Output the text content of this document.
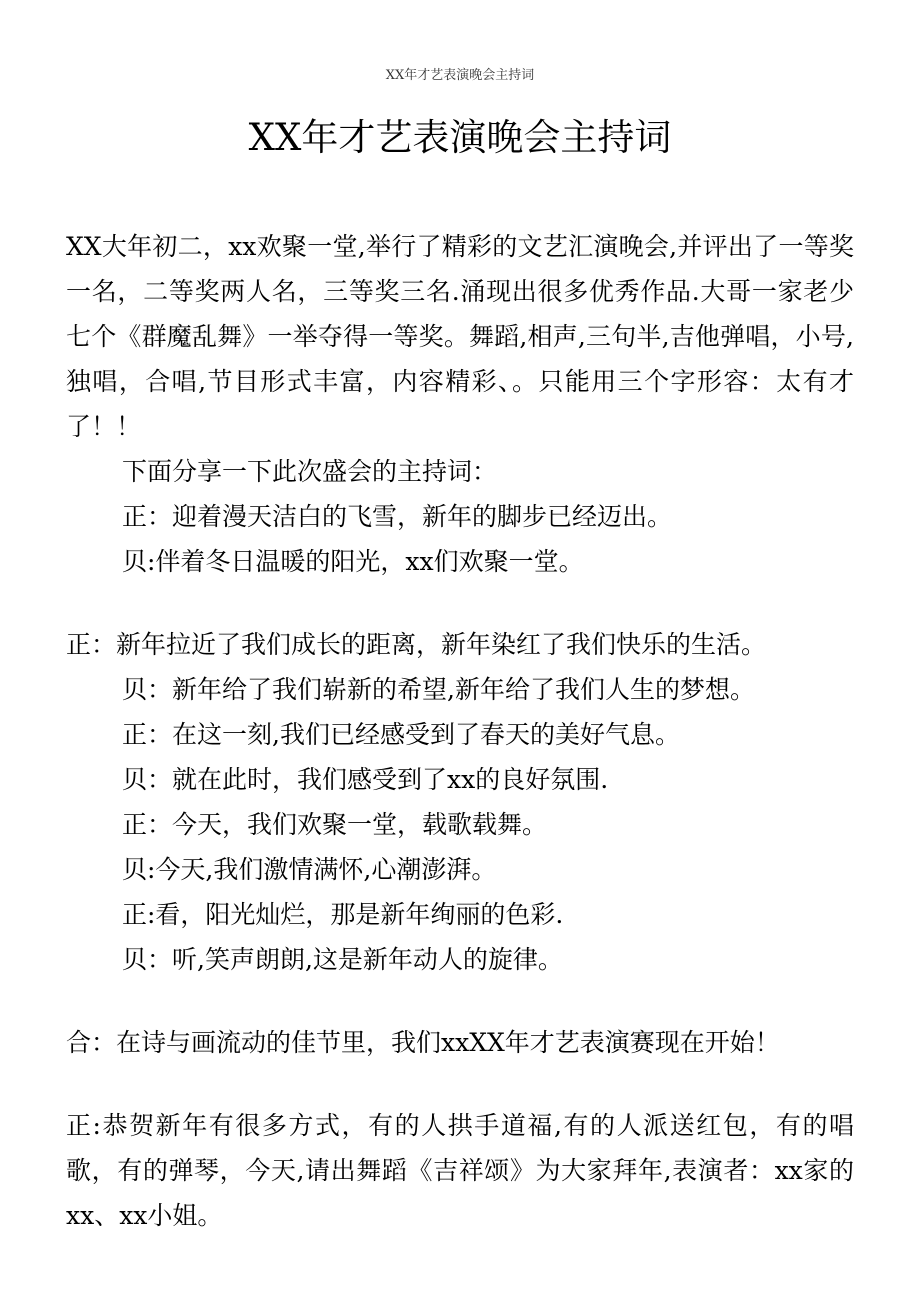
XX年才艺表演晚会主持词
XX年才艺表演晚会主持词

XX大年初二，xx欢聚一堂,举行了精彩的文艺汇演晚会,并评出了一等奖一名，二等奖两人名，三等奖三名.涌现出很多优秀作品.大哥一家老少七个《群魔乱舞》一举夺得一等奖。舞蹈,相声,三句半,吉他弹唱，小号,独唱，合唱,节目形式丰富，内容精彩、。只能用三个字形容：太有才了！！

下面分享一下此次盛会的主持词：

正：迎着漫天洁白的飞雪，新年的脚步已经迈出。

贝:伴着冬日温暖的阳光，xx们欢聚一堂。

正：新年拉近了我们成长的距离，新年染红了我们快乐的生活。

贝：新年给了我们崭新的希望,新年给了我们人生的梦想。

正：在这一刻,我们已经感受到了春天的美好气息。

贝：就在此时，我们感受到了xx的良好氛围.

正：今天，我们欢聚一堂，载歌载舞。

贝:今天,我们激情满怀,心潮澎湃。

正:看，阳光灿烂，那是新年绚丽的色彩.

贝：听,笑声朗朗,这是新年动人的旋律。

合：在诗与画流动的佳节里，我们xxXX年才艺表演赛现在开始！

正:恭贺新年有很多方式，有的人拱手道福,有的人派送红包，有的唱歌，有的弹琴，今天,请出舞蹈《吉祥颂》为大家拜年,表演者：xx家的xx、xx小姐。
